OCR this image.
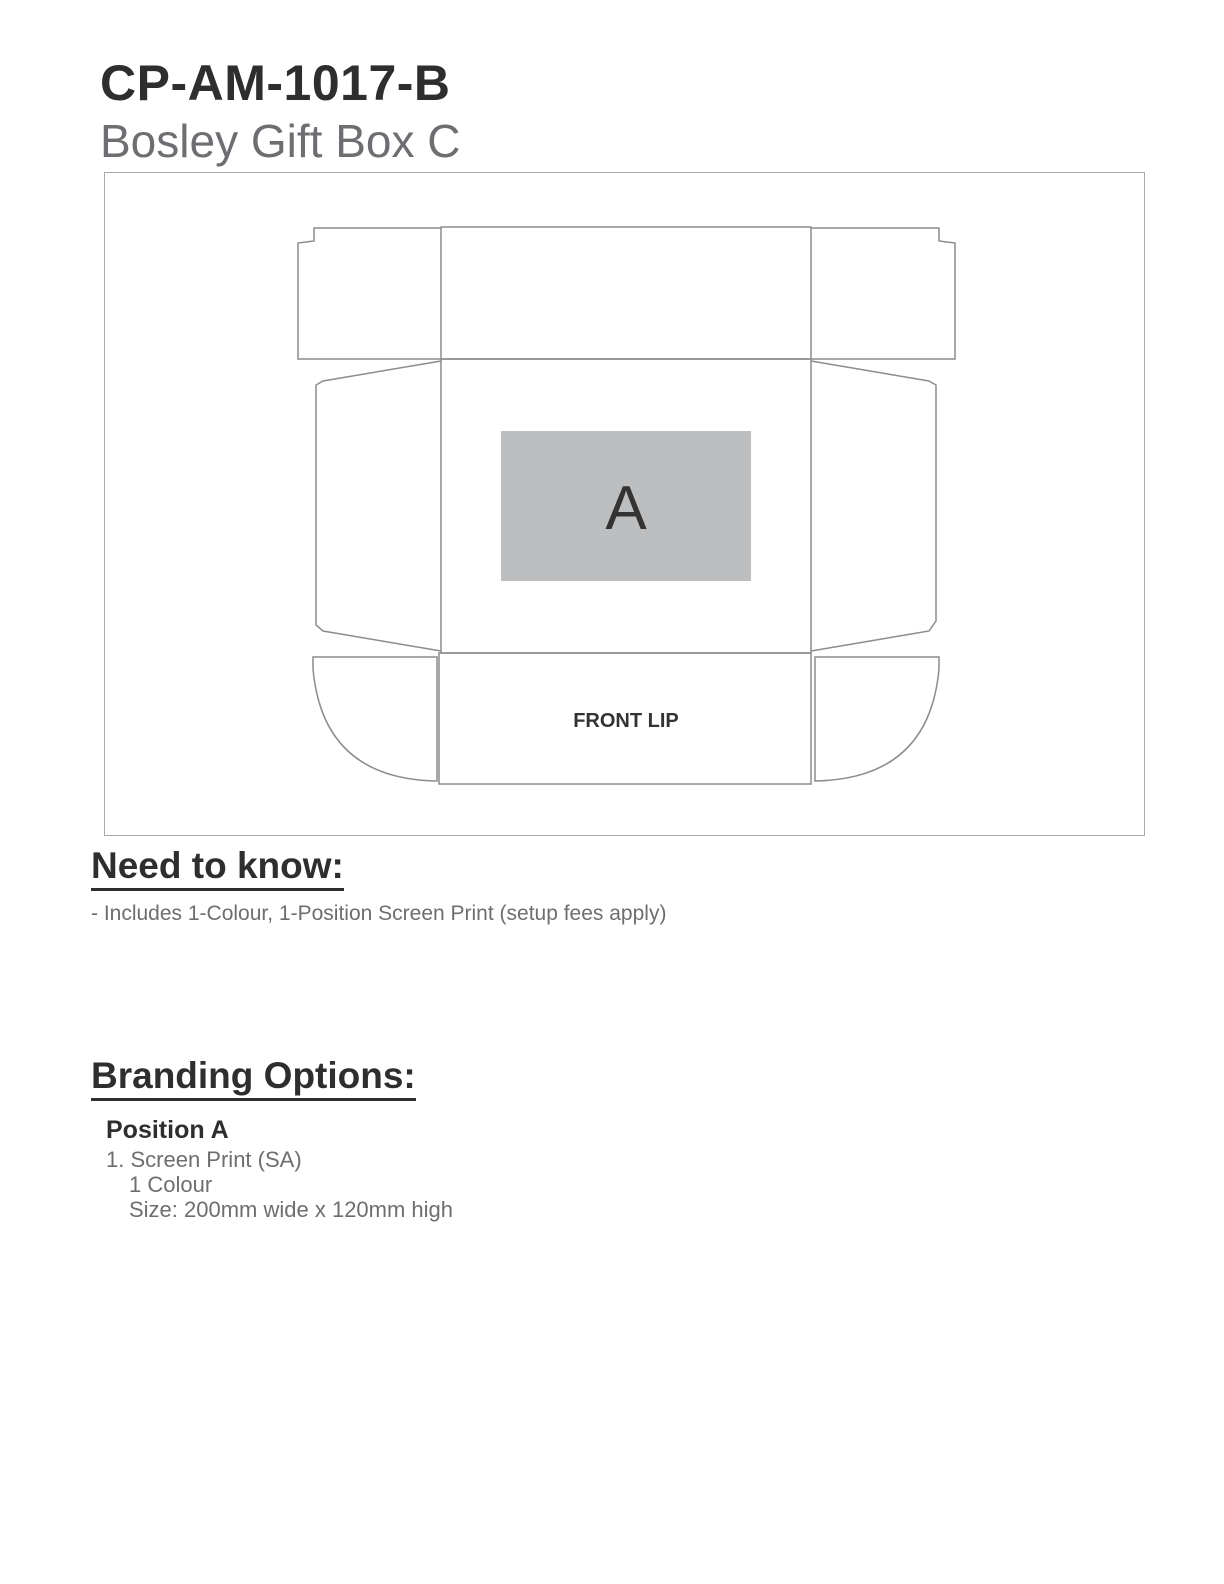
CP-AM-1017-B
Bosley Gift Box C
A
FRONT LIP
Need to know:
- Includes 1-Colour, 1-Position Screen Print (setup fees apply)
Branding Options:
Position A
1. Screen Print (SA)
1 Colour
Size: 200mm wide x 120mm high
